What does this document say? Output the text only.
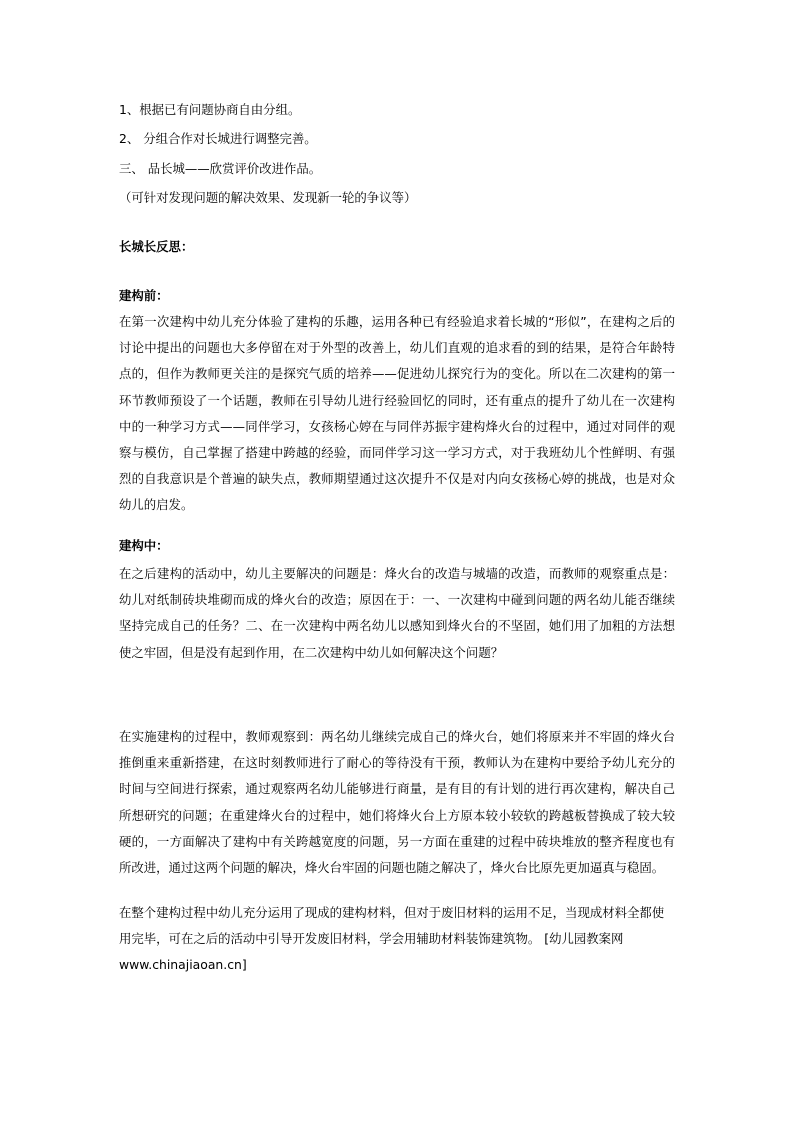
1、根据已有问题协商自由分组。
2、 分组合作对长城进行调整完善。
三、 品长城——欣赏评价改进作品。
（可针对发现问题的解决效果、发现新一轮的争议等）
长城长反思：
建构前：
在第一次建构中幼儿充分体验了建构的乐趣，运用各种已有经验追求着长城的“形似”，在建构之后的讨论中提出的问题也大多停留在对于外型的改善上，幼儿们直观的追求看的到的结果，是符合年龄特点的，但作为教师更关注的是探究气质的培养——促进幼儿探究行为的变化。所以在二次建构的第一环节教师预设了一个话题，教师在引导幼儿进行经验回忆的同时，还有重点的提升了幼儿在一次建构中的一种学习方式——同伴学习，女孩杨心婷在与同伴苏振宇建构烽火台的过程中，通过对同伴的观察与模仿，自己掌握了搭建中跨越的经验，而同伴学习这一学习方式，对于我班幼儿个性鲜明、有强烈的自我意识是个普遍的缺失点，教师期望通过这次提升不仅是对内向女孩杨心婷的挑战，也是对众幼儿的启发。
建构中：
在之后建构的活动中，幼儿主要解决的问题是：烽火台的改造与城墙的改造，而教师的观察重点是：幼儿对纸制砖块堆砌而成的烽火台的改造；原因在于：一、一次建构中碰到问题的两名幼儿能否继续坚持完成自己的任务？二、在一次建构中两名幼儿以感知到烽火台的不坚固，她们用了加粗的方法想使之牢固，但是没有起到作用，在二次建构中幼儿如何解决这个问题？
在实施建构的过程中，教师观察到：两名幼儿继续完成自己的烽火台，她们将原来并不牢固的烽火台推倒重来重新搭建，在这时刻教师进行了耐心的等待没有干预，教师认为在建构中要给予幼儿充分的时间与空间进行探索，通过观察两名幼儿能够进行商量，是有目的有计划的进行再次建构，解决自己所想研究的问题；在重建烽火台的过程中，她们将烽火台上方原本较小较软的跨越板替换成了较大较硬的，一方面解决了建构中有关跨越宽度的问题，另一方面在重建的过程中砖块堆放的整齐程度也有所改进，通过这两个问题的解决，烽火台牢固的问题也随之解决了，烽火台比原先更加逼真与稳固。
在整个建构过程中幼儿充分运用了现成的建构材料，但对于废旧材料的运用不足，当现成材料全都使用完毕，可在之后的活动中引导开发废旧材料，学会用辅助材料装饰建筑物。 [幼儿园教案网
www.chinajiaoan.cn]
